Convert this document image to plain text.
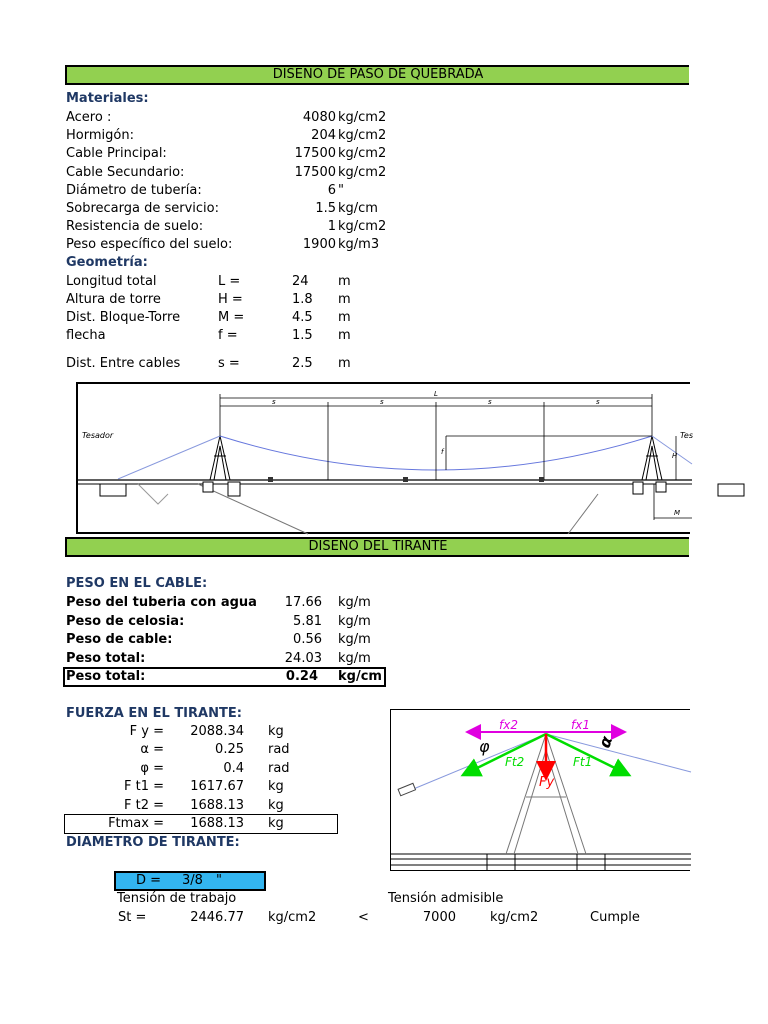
DISEÑO DE PASO DE QUEBRADA
Materiales:
Acero :	4080 kg/cm2
Hormigón:	204 kg/cm2
Cable Principal:	17500 kg/cm2
Cable Secundario:	17500 kg/cm2
Diámetro de tubería:	6 "
Sobrecarga de servicio:	1.5 kg/cm
Resistencia de suelo:	1 kg/cm2
Peso específico del suelo:	1900 kg/m3
Geometría:
Longitud total	L =	24 m
Altura de torre	H =	1.8 m
Dist. Bloque-Torre	M =	4.5 m
flecha	f =	1.5 m
Dist. Entre cables	s =	2.5 m
Tesador	Tes
L
s	s	s	s
f	H
M
DISEÑO DEL TIRANTE
PESO EN EL CABLE:
Peso del tuberia con agua	17.66 kg/m
Peso de celosia:	5.81 kg/m
Peso de cable:	0.56 kg/m
Peso total:	24.03 kg/m
Peso total:	0.24 kg/cm
FUERZA EN EL TIRANTE:
F y =	2088.34 kg
α =	0.25 rad
φ =	0.4 rad
F t1 =	1617.67 kg
F t2 =	1688.13 kg
Ftmax =	1688.13 kg
fx2	fx1
Ft2	Ft1
Fy
φ	α
DIAMETRO DE TIRANTE:
D = 3/8 "
Tensión de trabajo	Tensión admisible
St =	2446.77 kg/cm2	<	7000	kg/cm2	Cumple
